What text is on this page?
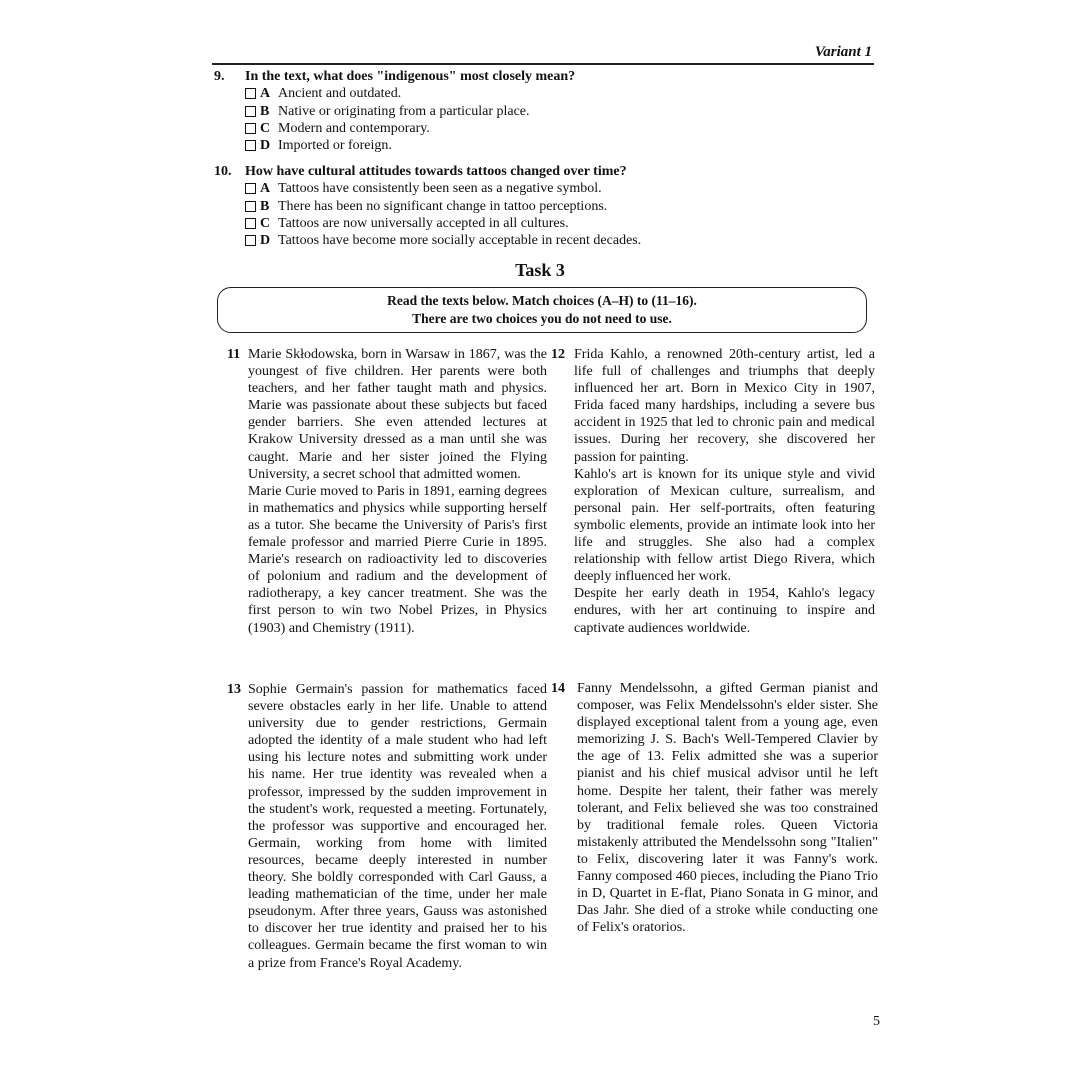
Variant 1
9.	In the text, what does "indigenous" most closely mean?
A Ancient and outdated.
B Native or originating from a particular place.
C Modern and contemporary.
D Imported or foreign.
10. How have cultural attitudes towards tattoos changed over time?
A Tattoos have consistently been seen as a negative symbol.
B There has been no significant change in tattoo perceptions.
C Tattoos are now universally accepted in all cultures.
D Tattoos have become more socially acceptable in recent decades.
Task 3
Read the texts below. Match choices (A–H) to (11–16).
There are two choices you do not need to use.
11 Marie Skłodowska, born in Warsaw in 1867, was the youngest of five children. Her parents were both teachers, and her father taught math and physics. Marie was passionate about these subjects but faced gender barriers. She even attended lectures at Krakow University dressed as a man until she was caught. Marie and her sister joined the Flying University, a secret school that admitted women.

Marie Curie moved to Paris in 1891, earning degrees in mathematics and physics while supporting herself as a tutor. She became the University of Paris's first female professor and married Pierre Curie in 1895. Marie's research on radioactivity led to discoveries of polonium and radium and the development of radiotherapy, a key cancer treatment. She was the first person to win two Nobel Prizes, in Physics (1903) and Chemistry (1911).

12 Frida Kahlo, a renowned 20th-century artist, led a life full of challenges and triumphs that deeply influenced her art. Born in Mexico City in 1907, Frida faced many hardships, including a severe bus accident in 1925 that led to chronic pain and medical issues. During her recovery, she discovered her passion for painting.

Kahlo's art is known for its unique style and vivid exploration of Mexican culture, surrealism, and personal pain. Her self-portraits, often featuring symbolic elements, provide an intimate look into her life and struggles. She also had a complex relationship with fellow artist Diego Rivera, which deeply influenced her work.

Despite her early death in 1954, Kahlo's legacy endures, with her art continuing to inspire and captivate audiences worldwide.

13 Sophie Germain's passion for mathematics faced severe obstacles early in her life. Unable to attend university due to gender restrictions, Germain adopted the identity of a male student who had left using his lecture notes and submitting work under his name. Her true identity was revealed when a professor, impressed by the sudden improvement in the student's work, requested a meeting. Fortunately, the professor was supportive and encouraged her. Germain, working from home with limited resources, became deeply interested in number theory. She boldly corresponded with Carl Gauss, a leading mathematician of the time, under her male pseudonym. After three years, Gauss was astonished to discover her true identity and praised her to his colleagues. Germain became the first woman to win a prize from France's Royal Academy.

14 Fanny Mendelssohn, a gifted German pianist and composer, was Felix Mendelssohn's elder sister. She displayed exceptional talent from a young age, even memorizing J. S. Bach's Well-Tempered Clavier by the age of 13. Felix admitted she was a superior pianist and his chief musical advisor until he left home. Despite her talent, their father was merely tolerant, and Felix believed she was too constrained by traditional female roles. Queen Victoria mistakenly attributed the Mendelssohn song "Italien" to Felix, discovering later it was Fanny's work. Fanny composed 460 pieces, including the Piano Trio in D, Quartet in E-flat, Piano Sonata in G minor, and Das Jahr. She died of a stroke while conducting one of Felix's oratorios.

5
